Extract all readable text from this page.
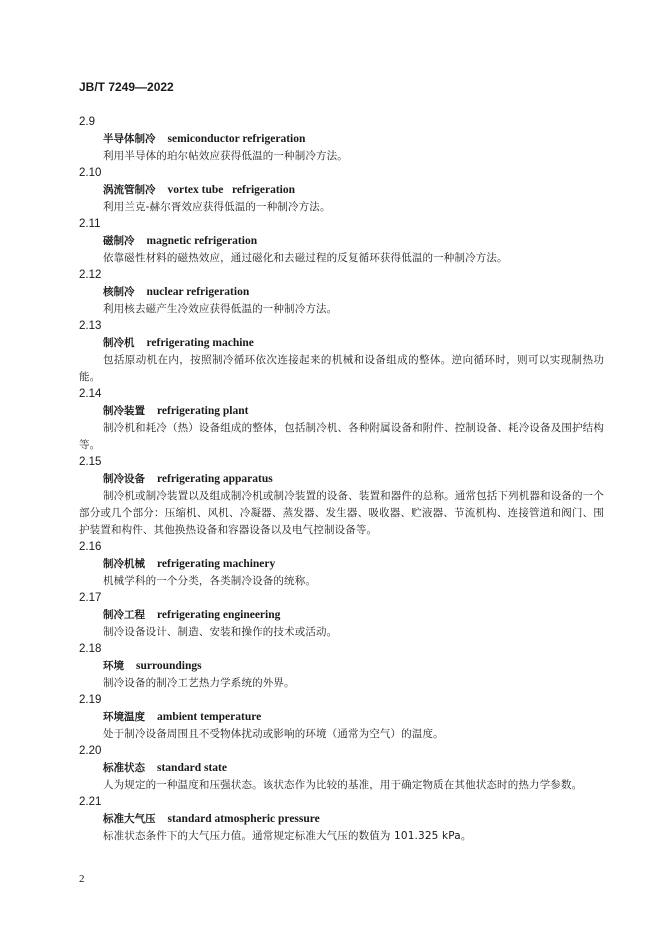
JB/T 7249—2022
2.9
半导体制冷 semiconductor refrigeration
利用半导体的珀尔帖效应获得低温的一种制冷方法。
2.10
涡流管制冷 vortex tube   refrigeration
利用兰克-赫尔胥效应获得低温的一种制冷方法。
2.11
磁制冷 magnetic refrigeration
依靠磁性材料的磁热效应，通过磁化和去磁过程的反复循环获得低温的一种制冷方法。
2.12
核制冷 nuclear refrigeration
利用核去磁产生冷效应获得低温的一种制冷方法。
2.13
制冷机 refrigerating machine
包括原动机在内，按照制冷循环依次连接起来的机械和设备组成的整体。逆向循环时，则可以实现制热功能。
2.14
制冷装置 refrigerating plant
制冷机和耗冷（热）设备组成的整体，包括制冷机、各种附属设备和附件、控制设备、耗冷设备及围护结构等。
2.15
制冷设备 refrigerating apparatus
制冷机或制冷装置以及组成制冷机或制冷装置的设备、装置和器件的总称。通常包括下列机器和设备的一个部分或几个部分：压缩机、风机、冷凝器、蒸发器、发生器、吸收器、贮液器、节流机构、连接管道和阀门、围护装置和构件、其他换热设备和容器设备以及电气控制设备等。
2.16
制冷机械 refrigerating machinery
机械学科的一个分类，各类制冷设备的统称。
2.17
制冷工程 refrigerating engineering
制冷设备设计、制造、安装和操作的技术或活动。
2.18
环境 surroundings
制冷设备的制冷工艺热力学系统的外界。
2.19
环境温度 ambient temperature
处于制冷设备周围且不受物体扰动或影响的环境（通常为空气）的温度。
2.20
标准状态 standard state
人为规定的一种温度和压强状态。该状态作为比较的基准，用于确定物质在其他状态时的热力学参数。
2.21
标准大气压 standard atmospheric pressure
标准状态条件下的大气压力值。通常规定标准大气压的数值为 101.325 kPa。
2
